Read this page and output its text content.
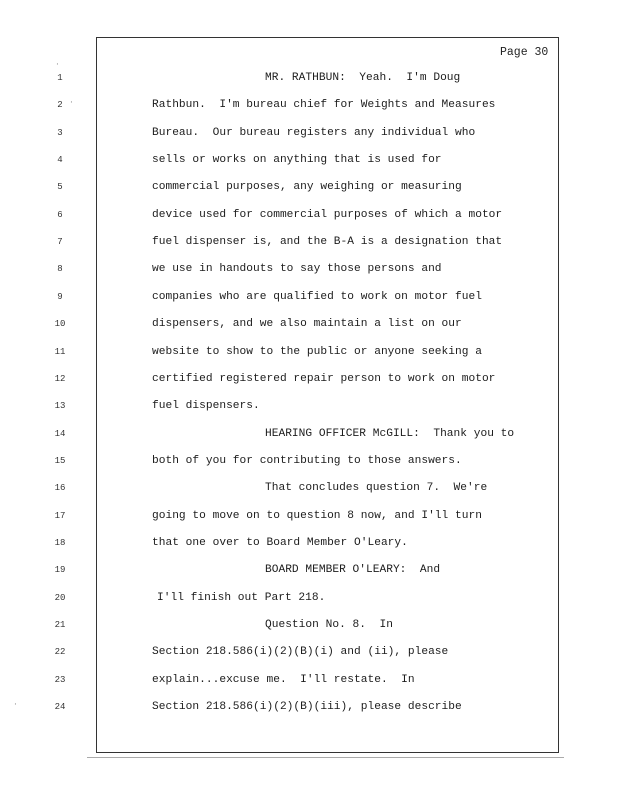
Page 30
1	MR. RATHBUN:  Yeah.  I'm Doug
2	Rathbun.  I'm bureau chief for Weights and Measures
3	Bureau.  Our bureau registers any individual who
4	sells or works on anything that is used for
5	commercial purposes, any weighing or measuring
6	device used for commercial purposes of which a motor
7	fuel dispenser is, and the B-A is a designation that
8	we use in handouts to say those persons and
9	companies who are qualified to work on motor fuel
10	dispensers, and we also maintain a list on our
11	website to show to the public or anyone seeking a
12	certified registered repair person to work on motor
13	fuel dispensers.
14	HEARING OFFICER McGILL:  Thank you to
15	both of you for contributing to those answers.
16	That concludes question 7.  We're
17	going to move on to question 8 now, and I'll turn
18	that one over to Board Member O'Leary.
19	BOARD MEMBER O'LEARY:  And
20	I'll finish out Part 218.
21	Question No. 8.  In
22	Section 218.586(i)(2)(B)(i) and (ii), please
23	explain...excuse me.  I'll restate.  In
24	Section 218.586(i)(2)(B)(iii), please describe
·
·
·
